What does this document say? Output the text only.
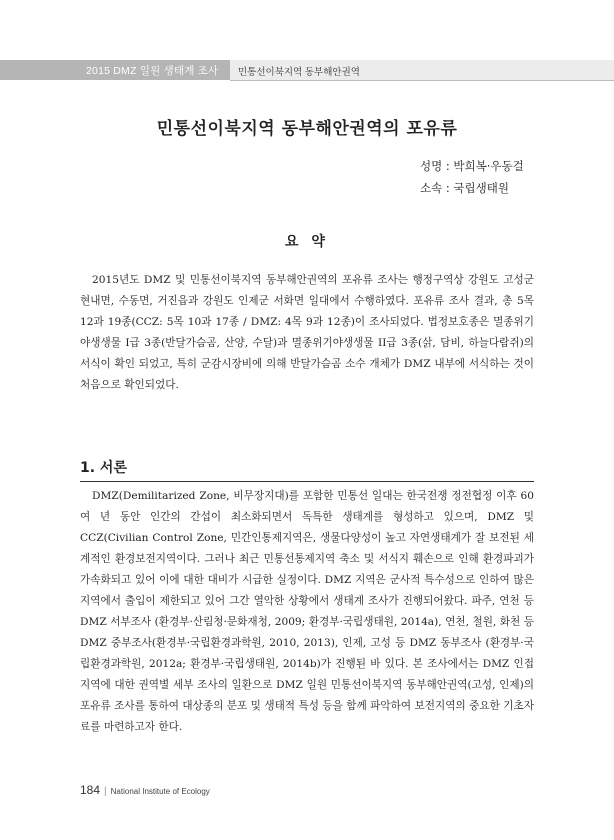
2015 DMZ 일원 생태계 조사 민통선이북지역 동부해안권역
민통선이북지역 동부해안권역의 포유류
성명 : 박희복·우동걸
소속 : 국립생태원
요 약

2015년도 DMZ 및 민통선이북지역 동부해안권역의 포유류 조사는 행정구역상 강원도 고성군 현내면, 수동면, 거진읍과 강원도 인제군 서화면 일대에서 수행하였다. 포유류 조사 결과, 총 5목 12과 19종(CCZ: 5목 10과 17종 / DMZ: 4목 9과 12종)이 조사되었다. 법정보호종은 멸종위기야생생물 I급 3종(반달가슴곰, 산양, 수달)과 멸종위기야생생물 II급 3종(삵, 담비, 하늘다람쥐)의 서식이 확인 되었고, 특히 군감시장비에 의해 반달가슴곰 소수 개체가 DMZ 내부에 서식하는 것이 처음으로 확인되었다.

1. 서론

DMZ(Demilitarized Zone, 비무장지대)를 포함한 민통선 일대는 한국전쟁 정전협정 이후 60여 년 동안 인간의 간섭이 최소화되면서 독특한 생태계를 형성하고 있으며, DMZ 및 CCZ(Civilian Control Zone, 민간인통제지역은, 생물다양성이 높고 자연생태계가 잘 보전된 세계적인 환경보전지역이다. 그러나 최근 민통선통제지역 축소 및 서식지 훼손으로 인해 환경파괴가 가속화되고 있어 이에 대한 대비가 시급한 실정이다. DMZ 지역은 군사적 특수성으로 인하여 많은 지역에서 출입이 제한되고 있어 그간 열악한 상황에서 생태계 조사가 진행되어왔다. 파주, 연천 등 DMZ 서부조사 (환경부·산림청·문화재청, 2009; 환경부·국립생태원, 2014a), 연천, 철원, 화천 등 DMZ 중부조사(환경부·국립환경과학원, 2010, 2013), 인제, 고성 등 DMZ 동부조사 (환경부·국립환경과학원, 2012a; 환경부·국립생태원, 2014b)가 진행된 바 있다. 본 조사에서는 DMZ 인접 지역에 대한 권역별 세부 조사의 일환으로 DMZ 일원 민통선이북지역 동부해안권역(고성, 인제)의 포유류 조사를 통하여 대상종의 분포 및 생태적 특성 등을 함께 파악하여 보전지역의 중요한 기초자료를 마련하고자 한다.

184 | National Institute of Ecology
